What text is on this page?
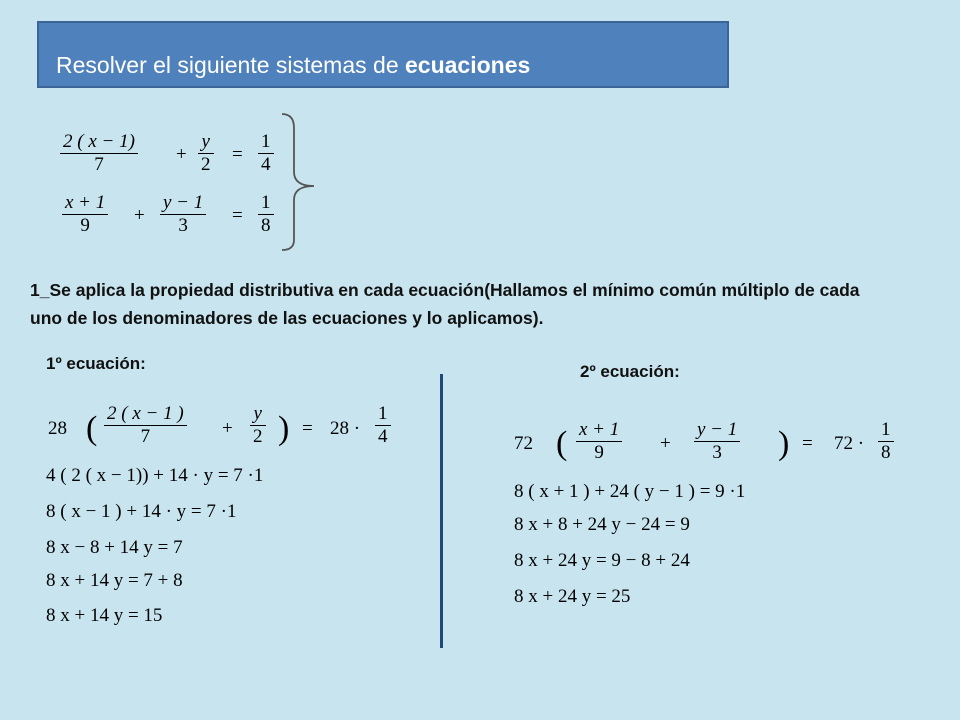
Resolver el siguiente sistemas de ecuaciones
$\frac{2 ( x - 1)}{7} + \frac{y}{2} = \frac{1}{4}$
$\frac{x + 1}{9} + \frac{y - 1}{3} = \frac{1}{8}$
1_Se aplica la propiedad distributiva en cada ecuación(Hallamos el mínimo común múltiplo de cada uno de los denominadores de las ecuaciones y lo aplicamos).
1º ecuación:
28 ( $\frac{2 ( x - 1 )}{7} + \frac{y}{2}$ ) = $28 \cdot \frac{1}{4}$
4 ( 2 ( x − 1)) + 14 · y = 7 ·1
8 ( x − 1 ) + 14 · y = 7 ·1
8 x − 8 + 14 y = 7
8 x + 14 y = 7 + 8
8 x + 14 y = 15
2º ecuación:
72 ( $\frac{x + 1}{9} + \frac{y - 1}{3}$ ) = $72 \cdot \frac{1}{8}$
8 ( x + 1 ) + 24 ( y − 1 ) = 9 ·1
8 x + 8 + 24 y − 24 = 9
8 x + 24 y = 9 − 8 + 24
8 x + 24 y = 25
